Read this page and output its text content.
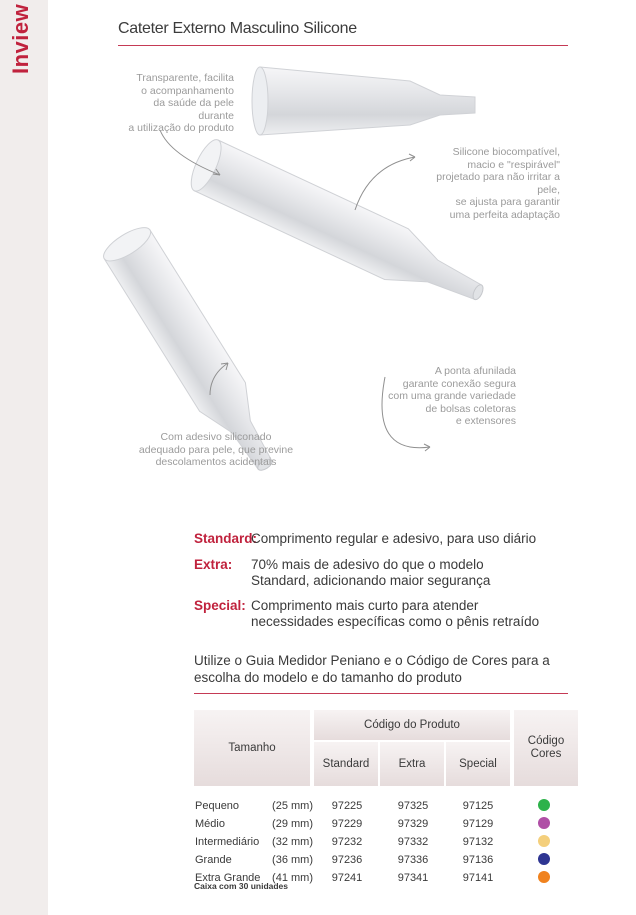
Inview	Cateter Externo Masculino Silicone
Transparente, facilita
o acompanhamento
da saúde da pele durante
a utilização do produto
Silicone biocompatível,
macio e "respirável"
projetado para não irritar a pele,
se ajusta para garantir
uma perfeita adaptação
A ponta afunilada
garante conexão segura
com uma grande variedade
de bolsas coletoras
e extensores
Com adesivo siliconado
adequado para pele, que previne
descolamentos acidentais
Standard:
Comprimento regular e adesivo, para uso diário
Extra: 70% mais de adesivo do que o modelo Standard, adicionando maior segurança
Special: Comprimento mais curto para atender necessidades específicas como o pênis retraído
Utilize o Guia Medidor Peniano e o Código de Cores para a escolha do modelo e do tamanho do produto
Tamanho	Código do Produto			Código
Cores

	Standard	Extra	Special	

Pequeno (25 mm)	97225	97325	97125	
Médio (29 mm)	97229	97329	97129	
Intermediário (32 mm)	97232	97332	97132	
Grande (36 mm)	97236	97336	97136	
Extra Grande (41 mm)	97241	97341	97141	
Caixa com 30 unidades
